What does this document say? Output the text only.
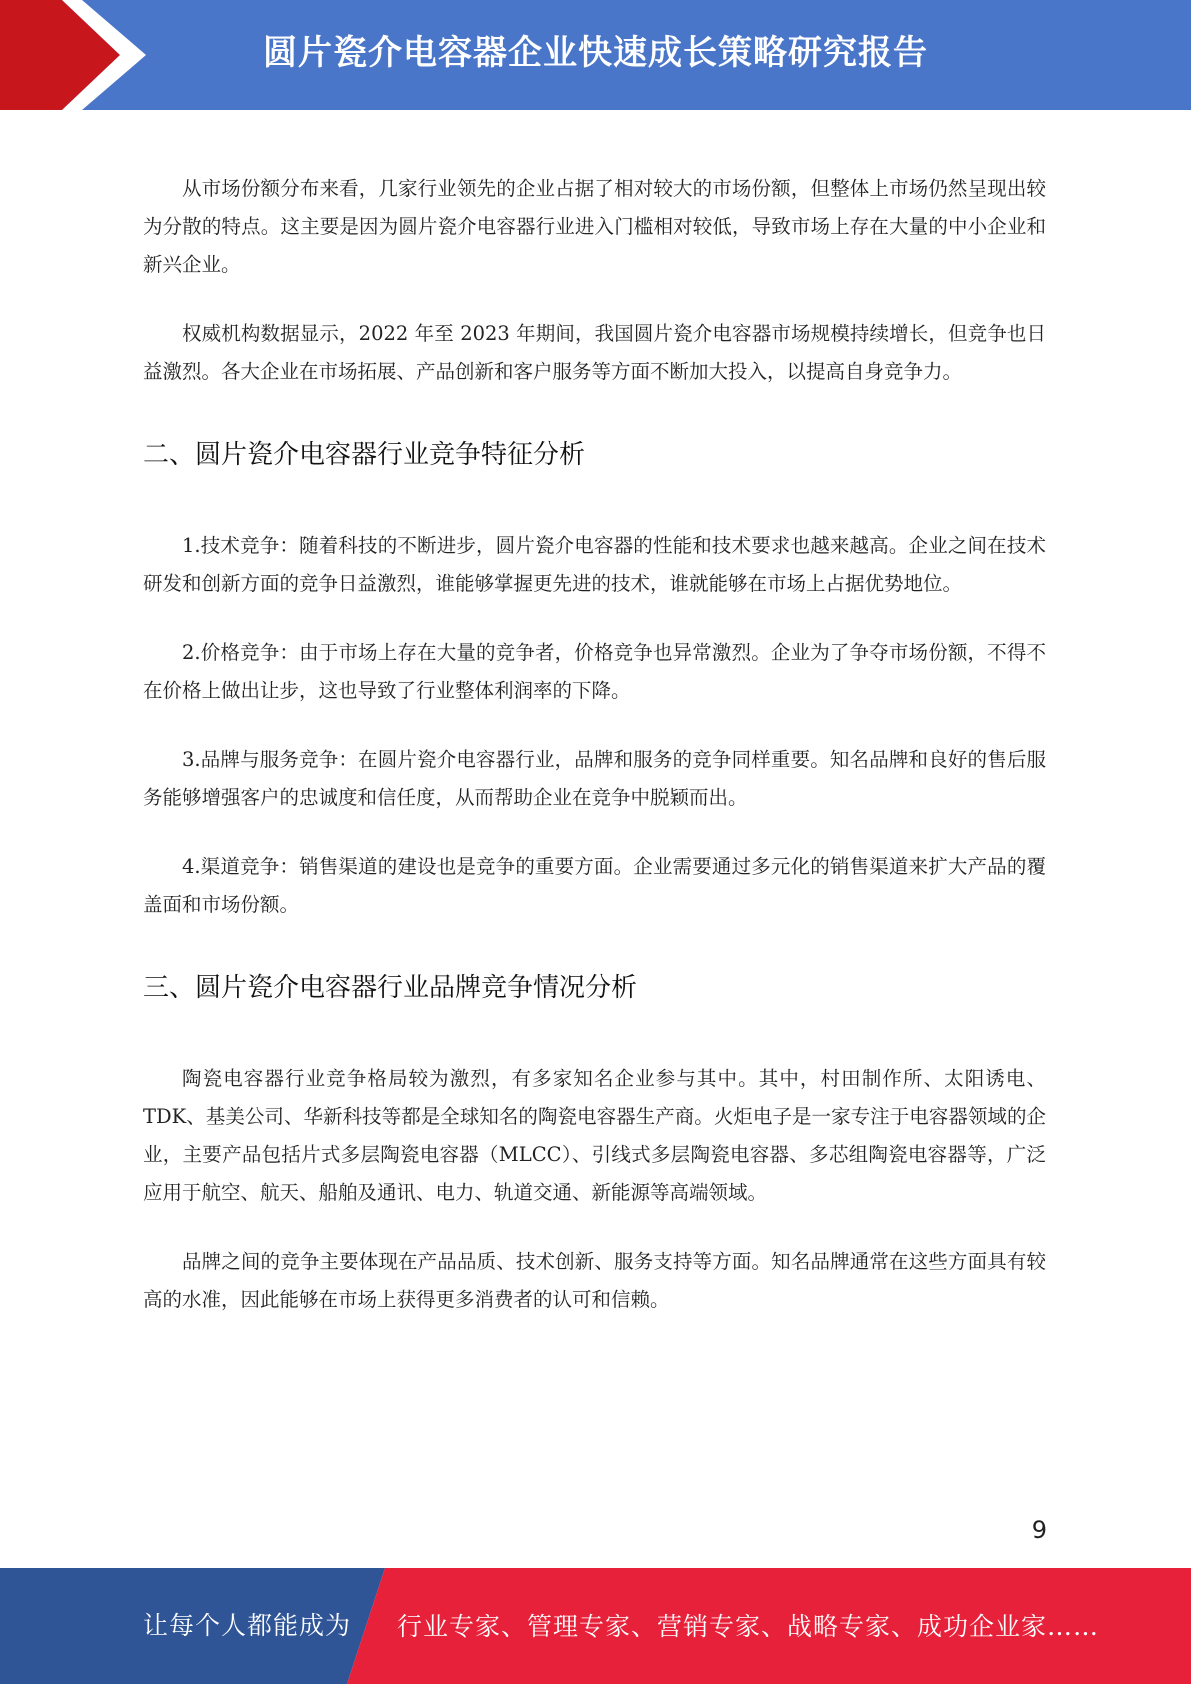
圆片瓷介电容器企业快速成长策略研究报告

从市场份额分布来看，几家行业领先的企业占据了相对较大的市场份额，但整体上市场仍然呈现出较为分散的特点。这主要是因为圆片瓷介电容器行业进入门槛相对较低，导致市场上存在大量的中小企业和新兴企业。

权威机构数据显示，2022 年至 2023 年期间，我国圆片瓷介电容器市场规模持续增长，但竞争也日益激烈。各大企业在市场拓展、产品创新和客户服务等方面不断加大投入，以提高自身竞争力。

二、圆片瓷介电容器行业竞争特征分析

1.技术竞争：随着科技的不断进步，圆片瓷介电容器的性能和技术要求也越来越高。企业之间在技术研发和创新方面的竞争日益激烈，谁能够掌握更先进的技术，谁就能够在市场上占据优势地位。

2.价格竞争：由于市场上存在大量的竞争者，价格竞争也异常激烈。企业为了争夺市场份额，不得不在价格上做出让步，这也导致了行业整体利润率的下降。

3.品牌与服务竞争：在圆片瓷介电容器行业，品牌和服务的竞争同样重要。知名品牌和良好的售后服务能够增强客户的忠诚度和信任度，从而帮助企业在竞争中脱颖而出。

4.渠道竞争：销售渠道的建设也是竞争的重要方面。企业需要通过多元化的销售渠道来扩大产品的覆盖面和市场份额。

三、圆片瓷介电容器行业品牌竞争情况分析

陶瓷电容器行业竞争格局较为激烈，有多家知名企业参与其中。其中，村田制作所、太阳诱电、TDK、基美公司、华新科技等都是全球知名的陶瓷电容器生产商。火炬电子是一家专注于电容器领域的企业，主要产品包括片式多层陶瓷电容器（MLCC）、引线式多层陶瓷电容器、多芯组陶瓷电容器等，广泛应用于航空、航天、船舶及通讯、电力、轨道交通、新能源等高端领域。

品牌之间的竞争主要体现在产品品质、技术创新、服务支持等方面。知名品牌通常在这些方面具有较高的水准，因此能够在市场上获得更多消费者的认可和信赖。

9
让每个人都能成为 行业专家、管理专家、营销专家、战略专家、成功企业家……
